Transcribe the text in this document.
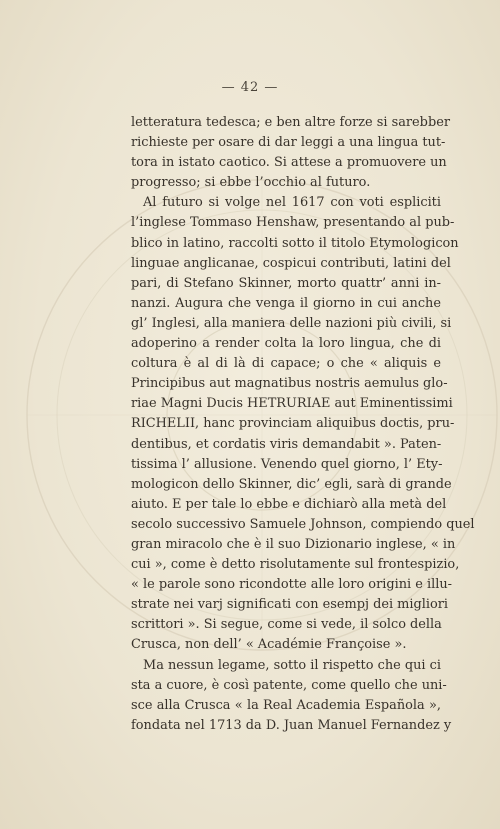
— 42 —
letteratura tedesca; e ben altre forze si sarebber
richieste per osare di dar leggi a una lingua tut-
tora in istato caotico. Si attese a promuovere un
progresso; si ebbe l’occhio al futuro.
Al futuro si volge nel 1617 con voti espliciti
l’inglese Tommaso Henshaw, presentando al pub-
blico in latino, raccolti sotto il titolo Etymologicon
linguae anglicanae, cospicui contributi, latini del
pari, di Stefano Skinner, morto quattr’ anni in-
nanzi. Augura che venga il giorno in cui anche
gl’ Inglesi, alla maniera delle nazioni più civili, si
adoperino a render colta la loro lingua, che di
coltura è al di là di capace; o che « aliquis e
Principibus aut magnatibus nostris aemulus glo-
riae Magni Ducis HETRURIAE aut Eminentissimi
RICHELII, hanc provinciam aliquibus doctis, pru-
dentibus, et cordatis viris demandabit ». Paten-
tissima l’ allusione. Venendo quel giorno, l’ Ety-
mologicon dello Skinner, dic’ egli, sarà di grande
aiuto. E per tale lo ebbe e dichiarò alla metà del
secolo successivo Samuele Johnson, compiendo quel
gran miracolo che è il suo Dizionario inglese, « in
cui », come è detto risolutamente sul frontespizio,
« le parole sono ricondotte alle loro origini e illu-
strate nei varj significati con esempj dei migliori
scrittori ». Si segue, come si vede, il solco della
Crusca, non dell’ « Académie Françoise ».
Ma nessun legame, sotto il rispetto che qui ci
sta a cuore, è così patente, come quello che uni-
sce alla Crusca « la Real Academia Española »,
fondata nel 1713 da D. Juan Manuel Fernandez y
